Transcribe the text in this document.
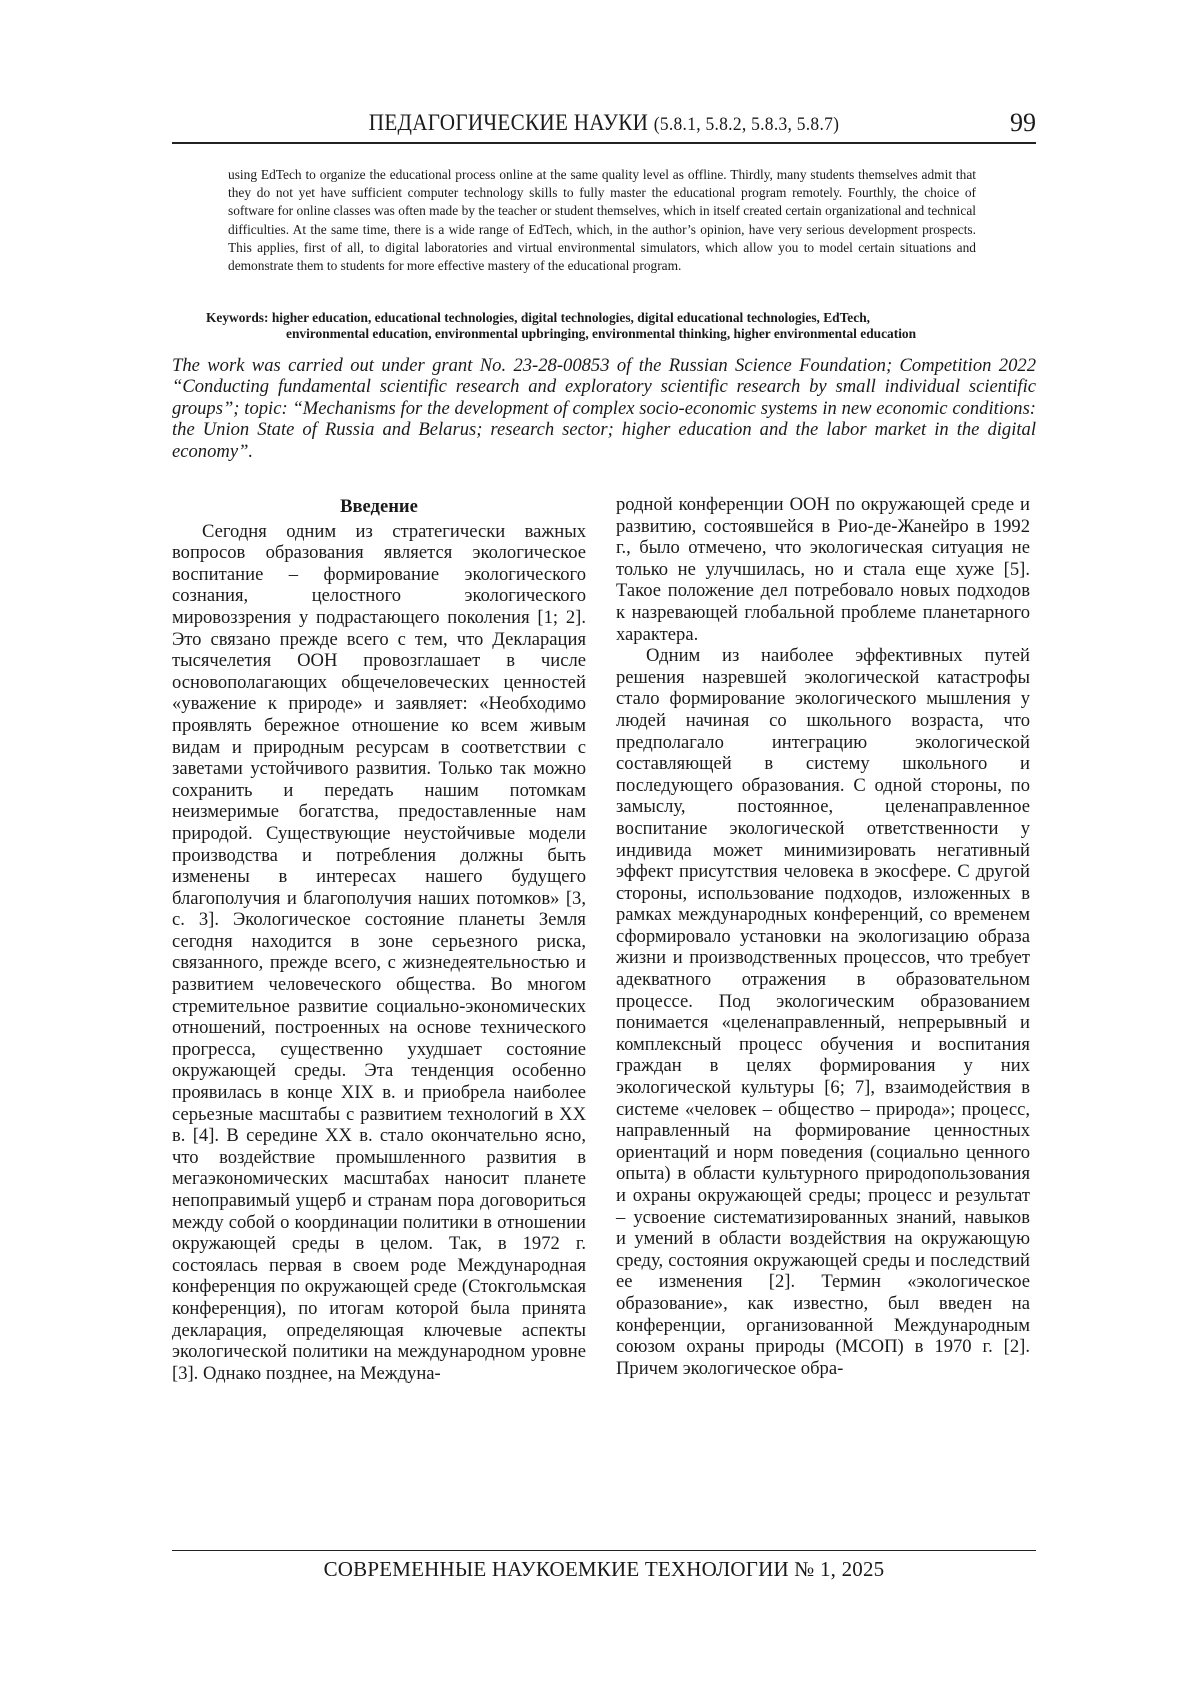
ПЕДАГОГИЧЕСКИЕ НАУКИ (5.8.1, 5.8.2, 5.8.3, 5.8.7)	99
using EdTech to organize the educational process online at the same quality level as offline. Thirdly, many students themselves admit that they do not yet have sufficient computer technology skills to fully master the educational program remotely. Fourthly, the choice of software for online classes was often made by the teacher or student themselves, which in itself created certain organizational and technical difficulties. At the same time, there is a wide range of EdTech, which, in the author’s opinion, have very serious development prospects. This applies, first of all, to digital laboratories and virtual environmental simulators, which allow you to model certain situations and demonstrate them to students for more effective mastery of the educational program.
Keywords: higher education, educational technologies, digital technologies, digital educational technologies, EdTech,
environmental education, environmental upbringing, environmental thinking, higher environmental education
The work was carried out under grant No. 23-28-00853 of the Russian Science Foundation; Competition 2022 “Conducting fundamental scientific research and exploratory scientific research by small individual scientific groups”; topic: “Mechanisms for the development of complex socio-economic systems in new economic conditions: the Union State of Russia and Belarus; research sector; higher education and the labor market in the digital economy”.
Введение

Сегодня одним из стратегически важных вопросов образования является экологическое воспитание – формирование экологического сознания, целостного экологического мировоззрения у подрастающего поколения [1; 2]. Это связано прежде всего с тем, что Декларация тысячелетия ООН провозглашает в числе основополагающих общечеловеческих ценностей «уважение к природе» и заявляет: «Необходимо проявлять бережное отношение ко всем живым видам и природным ресурсам в соответствии с заветами устойчивого развития. Только так можно сохранить и передать нашим потомкам неизмеримые богатства, предоставленные нам природой. Существующие неустойчивые модели производства и потребления должны быть изменены в интересах нашего будущего благополучия и благополучия наших потомков» [3, с. 3]. Экологическое состояние планеты Земля сегодня находится в зоне серьезного риска, связанного, прежде всего, с жизнедеятельностью и развитием человеческого общества. Во многом стремительное развитие социально-экономических отношений, построенных на основе технического прогресса, существенно ухудшает состояние окружающей среды. Эта тенденция особенно проявилась в конце XIX в. и приобрела наиболее серьезные масштабы с развитием технологий в XX в. [4]. В середине XX в. стало окончательно ясно, что воздействие промышленного развития в мегаэкономических масштабах наносит планете непоправимый ущерб и странам пора договориться между собой о координации политики в отношении окружающей среды в целом. Так, в 1972 г. состоялась первая в своем роде Международная конференция по окружающей среде (Стокгольмская конференция), по итогам которой была принята декларация, определяющая ключевые аспекты экологической политики на международном уровне [3]. Однако позднее, на Междуна-

родной конференции ООН по окружающей среде и развитию, состоявшейся в Рио-де-Жанейро в 1992 г., было отмечено, что экологическая ситуация не только не улучшилась, но и стала еще хуже [5]. Такое положение дел потребовало новых подходов к назревающей глобальной проблеме планетарного характера.

Одним из наиболее эффективных путей решения назревшей экологической катастрофы стало формирование экологического мышления у людей начиная со школьного возраста, что предполагало интеграцию экологической составляющей в систему школьного и последующего образования. С одной стороны, по замыслу, постоянное, целенаправленное воспитание экологической ответственности у индивида может минимизировать негативный эффект присутствия человека в экосфере. С другой стороны, использование подходов, изложенных в рамках международных конференций, со временем сформировало установки на экологизацию образа жизни и производственных процессов, что требует адекватного отражения в образовательном процессе. Под экологическим образованием понимается «целенаправленный, непрерывный и комплексный процесс обучения и воспитания граждан в целях формирования у них экологической культуры [6; 7], взаимодействия в системе «человек – общество – природа»; процесс, направленный на формирование ценностных ориентаций и норм поведения (социально ценного опыта) в области культурного природопользования и охраны окружающей среды; процесс и результат – усвоение систематизированных знаний, навыков и умений в области воздействия на окружающую среду, состояния окружающей среды и последствий ее изменения [2]. Термин «экологическое образование», как известно, был введен на конференции, организованной Международным союзом охраны природы (МСОП) в 1970 г. [2]. Причем экологическое обра-

СОВРЕМЕННЫЕ НАУКОЕМКИЕ ТЕХНОЛОГИИ № 1, 2025
